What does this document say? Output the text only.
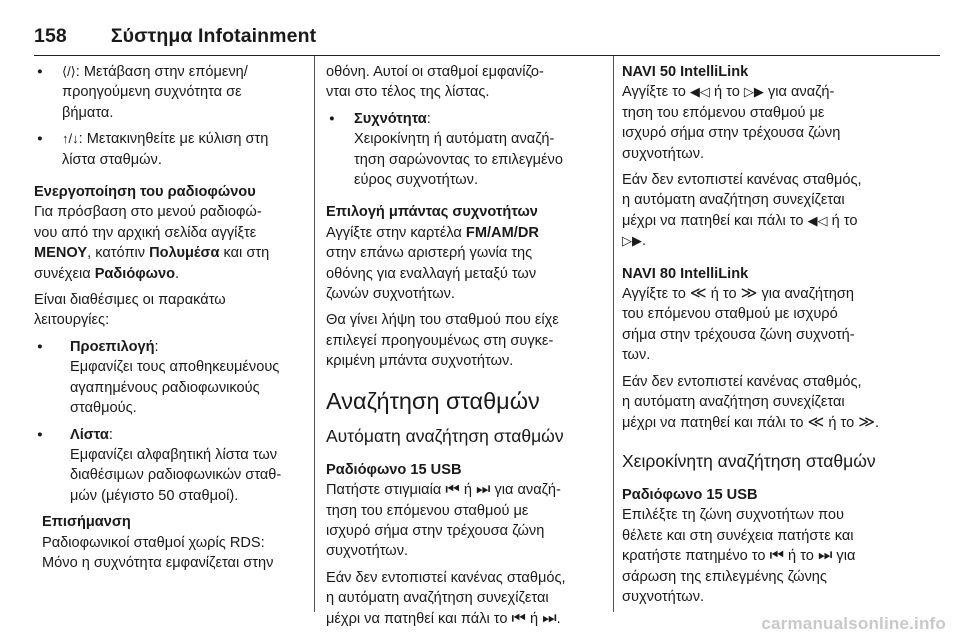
158 Σύστημα Infotainment
● ⟨/⟩: Μετάβαση στην επόμενη/
προηγούμενη συχνότητα σε
βήματα.
● ↑/↓: Μετακινηθείτε με κύλιση στη
λίστα σταθμών.
Ενεργοποίηση του ραδιοφώνου
Για πρόσβαση στο μενού ραδιοφώ-
νου από την αρχική σελίδα αγγίξτε
ΜΕΝΟΥ, κατόπιν Πολυμέσα και στη
συνέχεια Ραδιόφωνο.
Είναι διαθέσιμες οι παρακάτω
λειτουργίες:
● Προεπιλογή:
Εμφανίζει τους αποθηκευμένους
αγαπημένους ραδιοφωνικούς
σταθμούς.
● Λίστα:
Εμφανίζει αλφαβητική λίστα των
διαθέσιμων ραδιοφωνικών σταθ-
μών (μέγιστο 50 σταθμοί).
Επισήμανση
Ραδιοφωνικοί σταθμοί χωρίς RDS:
Μόνο η συχνότητα εμφανίζεται στην
οθόνη. Αυτοί οι σταθμοί εμφανίζο-
νται στο τέλος της λίστας.
● Συχνότητα:
Χειροκίνητη ή αυτόματη αναζή-
τηση σαρώνοντας το επιλεγμένο
εύρος συχνοτήτων.
Επιλογή μπάντας συχνοτήτων
Αγγίξτε στην καρτέλα FM/AM/DR
στην επάνω αριστερή γωνία της
οθόνης για εναλλαγή μεταξύ των
ζωνών συχνοτήτων.
Θα γίνει λήψη του σταθμού που είχε
επιλεγεί προηγουμένως στη συγκε-
κριμένη μπάντα συχνοτήτων.
Αναζήτηση σταθμών
Αυτόματη αναζήτηση σταθμών
Ραδιόφωνο 15 USB
Πατήστε στιγμιαία ⏮ ή ⏭ για αναζή-
τηση του επόμενου σταθμού με
ισχυρό σήμα στην τρέχουσα ζώνη
συχνοτήτων.
Εάν δεν εντοπιστεί κανένας σταθμός,
η αυτόματη αναζήτηση συνεχίζεται
μέχρι να πατηθεί και πάλι το ⏮ ή ⏭.
NAVI 50 IntelliLink
Αγγίξτε το ◀◁ ή το ▷▶ για αναζή-
τηση του επόμενου σταθμού με
ισχυρό σήμα στην τρέχουσα ζώνη
συχνοτήτων.
Εάν δεν εντοπιστεί κανένας σταθμός,
η αυτόματη αναζήτηση συνεχίζεται
μέχρι να πατηθεί και πάλι το ◀◁ ή το
▷▶.
NAVI 80 IntelliLink
Αγγίξτε το ≪ ή το ≫ για αναζήτηση
του επόμενου σταθμού με ισχυρό
σήμα στην τρέχουσα ζώνη συχνοτή-
των.
Εάν δεν εντοπιστεί κανένας σταθμός,
η αυτόματη αναζήτηση συνεχίζεται
μέχρι να πατηθεί και πάλι το ≪ ή το ≫.
Χειροκίνητη αναζήτηση σταθμών
Ραδιόφωνο 15 USB
Επιλέξτε τη ζώνη συχνοτήτων που
θέλετε και στη συνέχεια πατήστε και
κρατήστε πατημένο το ⏮ ή το ⏭ για
σάρωση της επιλεγμένης ζώνης
συχνοτήτων.
carmanualsonline.info
